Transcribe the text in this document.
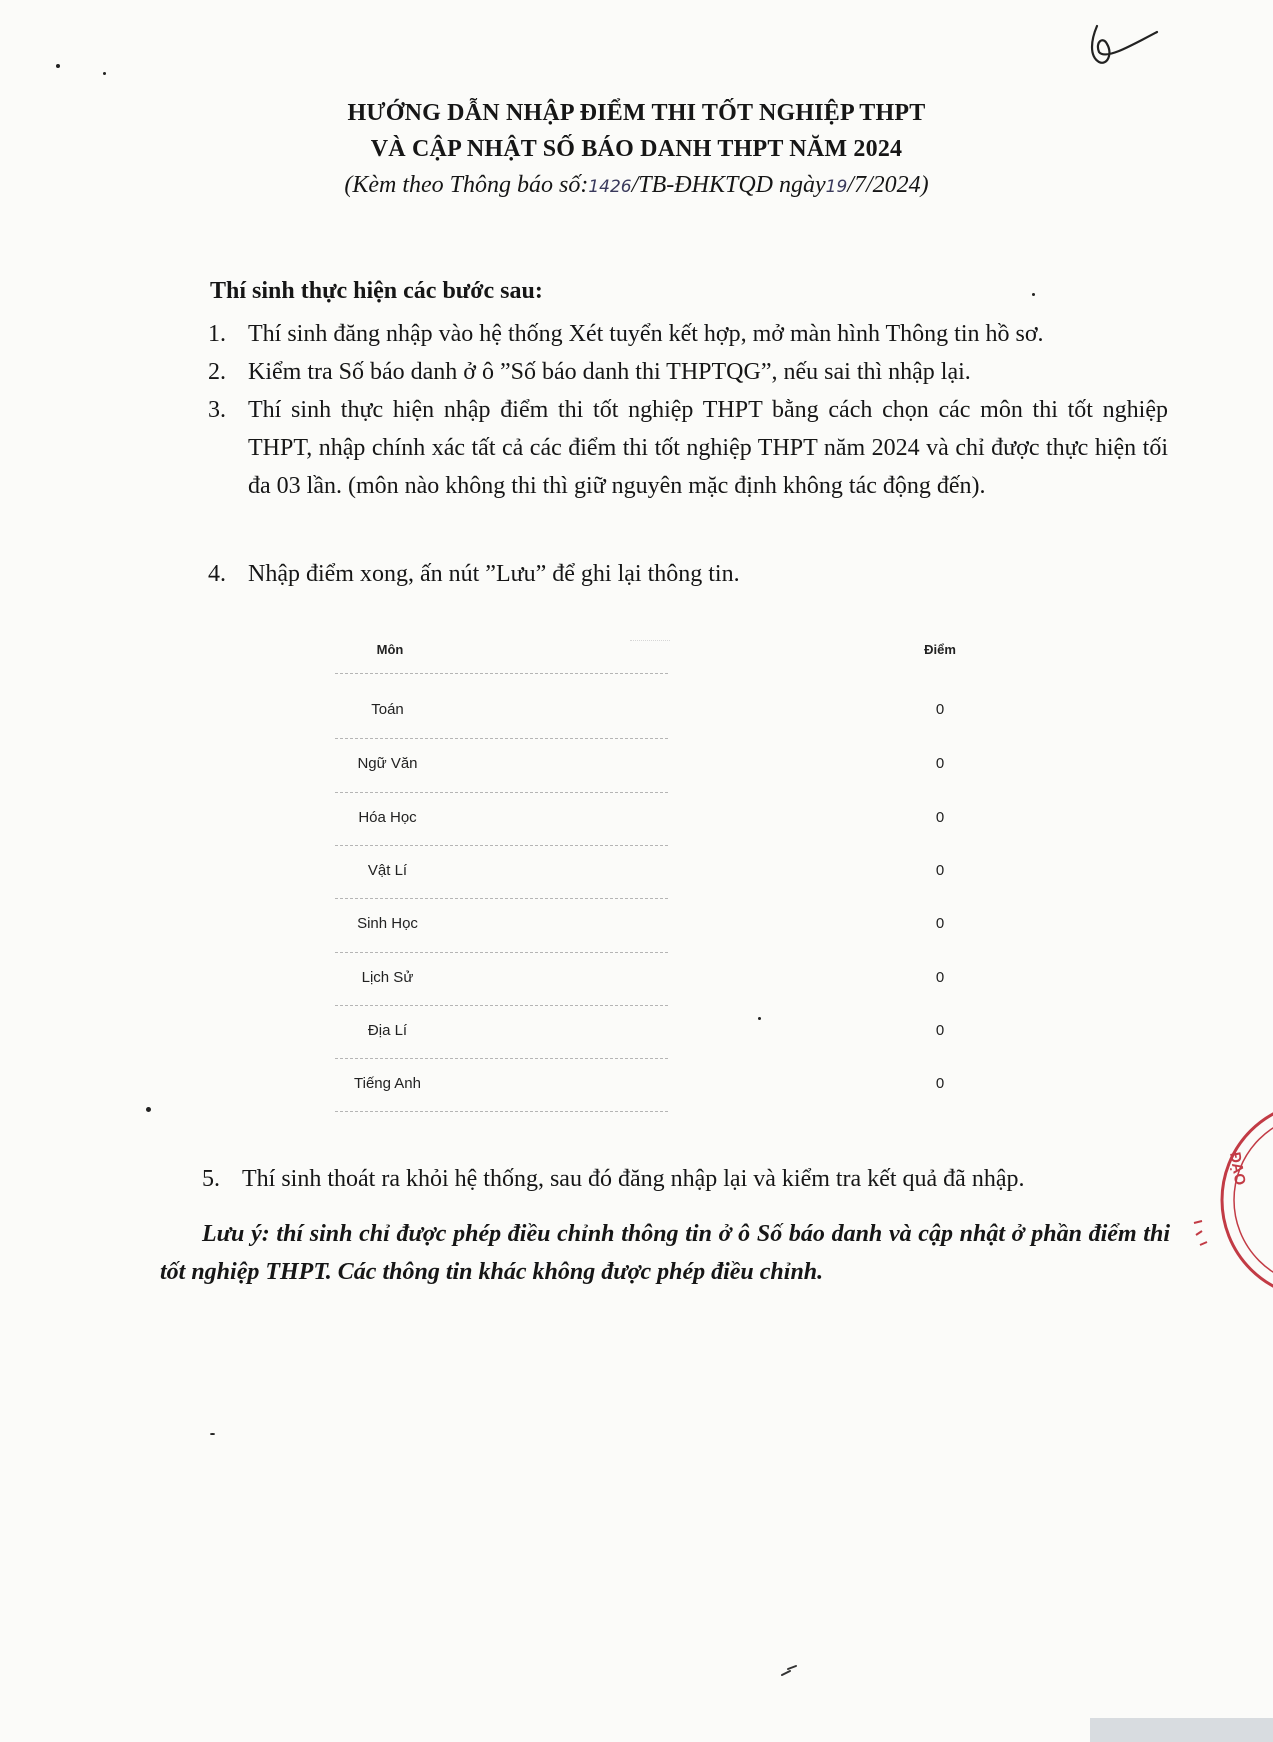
HƯỚNG DẪN NHẬP ĐIỂM THI TỐT NGHIỆP THPT
VÀ CẬP NHẬT SỐ BÁO DANH THPT NĂM 2024
(Kèm theo Thông báo số:1426/TB-ĐHKTQD ngày19/7/2024)
Thí sinh thực hiện các bước sau:
1. Thí sinh đăng nhập vào hệ thống Xét tuyển kết hợp, mở màn hình Thông tin hồ sơ.
2. Kiểm tra Số báo danh ở ô ”Số báo danh thi THPTQG”, nếu sai thì nhập lại.
3. Thí sinh thực hiện nhập điểm thi tốt nghiệp THPT bằng cách chọn các môn thi tốt nghiệp THPT, nhập chính xác tất cả các điểm thi tốt nghiệp THPT năm 2024 và chỉ được thực hiện tối đa 03 lần. (môn nào không thi thì giữ nguyên mặc định không tác động đến).
4. Nhập điểm xong, ấn nút ”Lưu” để ghi lại thông tin.
Môn	Điểm
Toán	0
Ngữ Văn	0
Hóa Học	0
Vật Lí	0
Sinh Học	0
Lịch Sử	0
Địa Lí	0
Tiếng Anh	0
5. Thí sinh thoát ra khỏi hệ thống, sau đó đăng nhập lại và kiểm tra kết quả đã nhập.
Lưu ý: thí sinh chỉ được phép điều chỉnh thông tin ở ô Số báo danh và cập nhật ở phần điểm thi tốt nghiệp THPT. Các thông tin khác không được phép điều chỉnh.
ĐẠO
